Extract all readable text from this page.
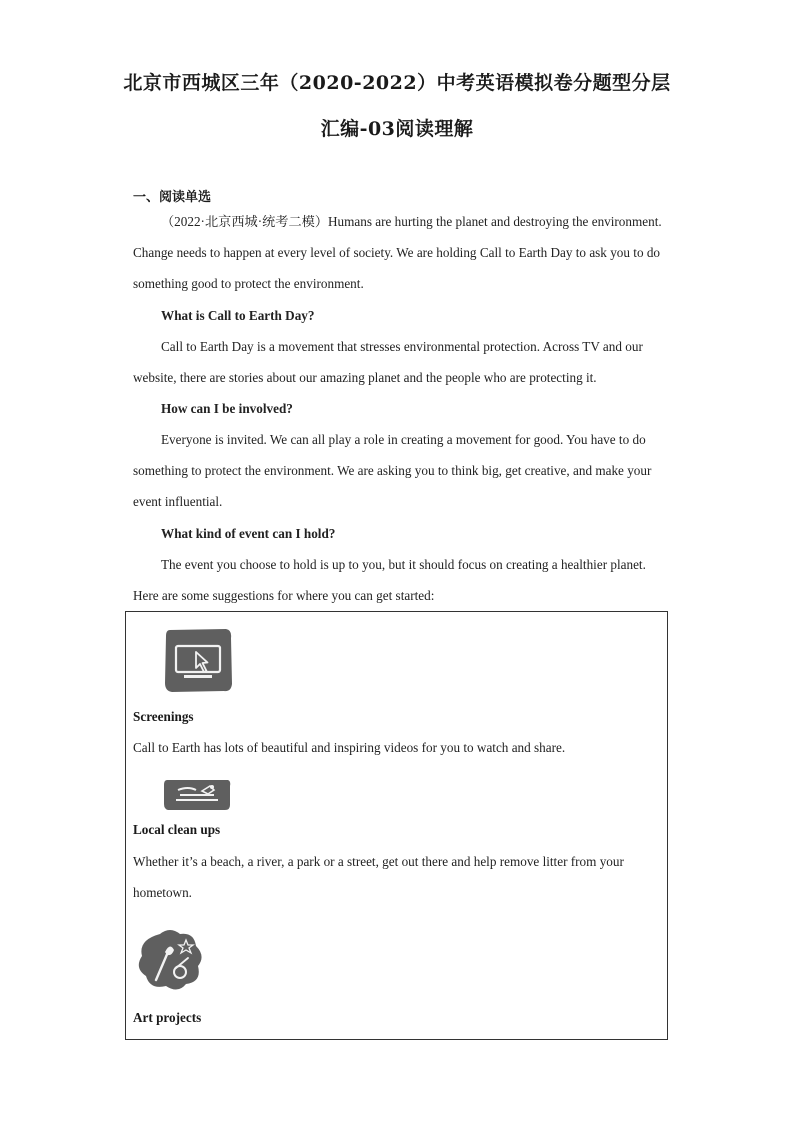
北京市西城区三年（2020-2022）中考英语模拟卷分题型分层
汇编-03阅读理解
一、阅读单选
（2022·北京西城·统考二模）Humans are hurting the planet and destroying the environment. Change needs to happen at every level of society. We are holding Call to Earth Day to ask you to do something good to protect the environment.
What is Call to Earth Day?
Call to Earth Day is a movement that stresses environmental protection. Across TV and our website, there are stories about our amazing planet and the people who are protecting it.
How can I be involved?
Everyone is invited. We can all play a role in creating a movement for good. You have to do something to protect the environment. We are asking you to think big, get creative, and make your event influential.
What kind of event can I hold?
The event you choose to hold is up to you, but it should focus on creating a healthier planet. Here are some suggestions for where you can get started:
Screenings
Call to Earth has lots of beautiful and inspiring videos for you to watch and share.
Local clean ups
Whether it’s a beach, a river, a park or a street, get out there and help remove litter from your hometown.
Art projects
